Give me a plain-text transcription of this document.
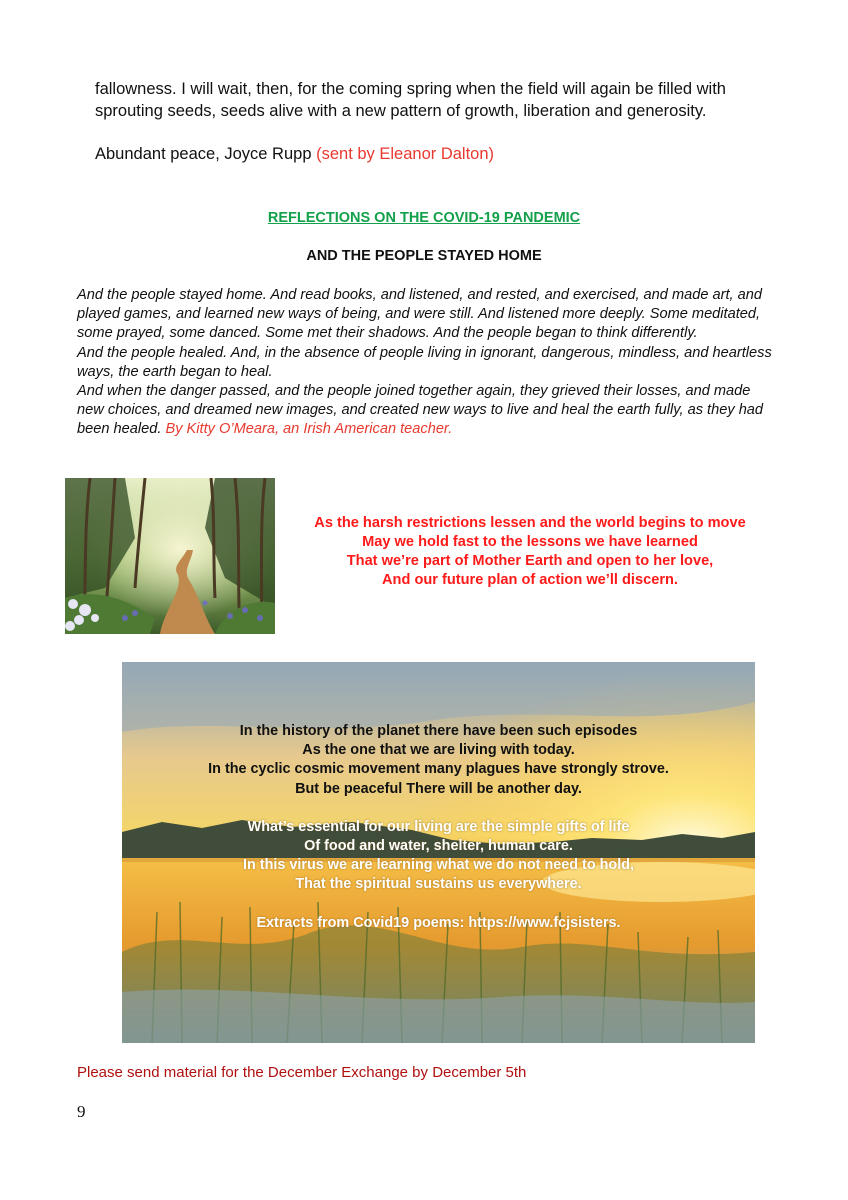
fallowness. I will wait, then, for the coming spring when the field will again be filled with
sprouting seeds, seeds alive with a new pattern of growth, liberation and generosity.
Abundant peace, Joyce Rupp (sent by Eleanor Dalton)
REFLECTIONS ON THE COVID-19 PANDEMIC
AND THE PEOPLE STAYED HOME

And the people stayed home. And read books, and listened, and rested, and exercised, and made art, and played games, and learned new ways of being, and were still. And listened more deeply. Some meditated, some prayed, some danced. Some met their shadows. And the people began to think differently.

And the people healed. And, in the absence of people living in ignorant, dangerous, mindless, and heartless ways, the earth began to heal.

And when the danger passed, and the people joined together again, they grieved their losses, and made new choices, and dreamed new images, and created new ways to live and heal the earth fully, as they had been healed. By Kitty O’Meara, an Irish American teacher.

As the harsh restrictions lessen and the world begins to move
May we hold fast to the lessons we have learned
That we’re part of Mother Earth and open to her love,
And our future plan of action we’ll discern.
In the history of the planet there have been such episodes
As the one that we are living with today.
In the cyclic cosmic movement many plagues have strongly strove.
But be peaceful There will be another day.
What’s essential for our living are the simple gifts of life
Of food and water, shelter, human care.
In this virus we are learning what we do not need to hold,
That the spiritual sustains us everywhere.
Extracts from Covid19 poems: https://www.fcjsisters.
Please send material for the December Exchange by December 5th
9
